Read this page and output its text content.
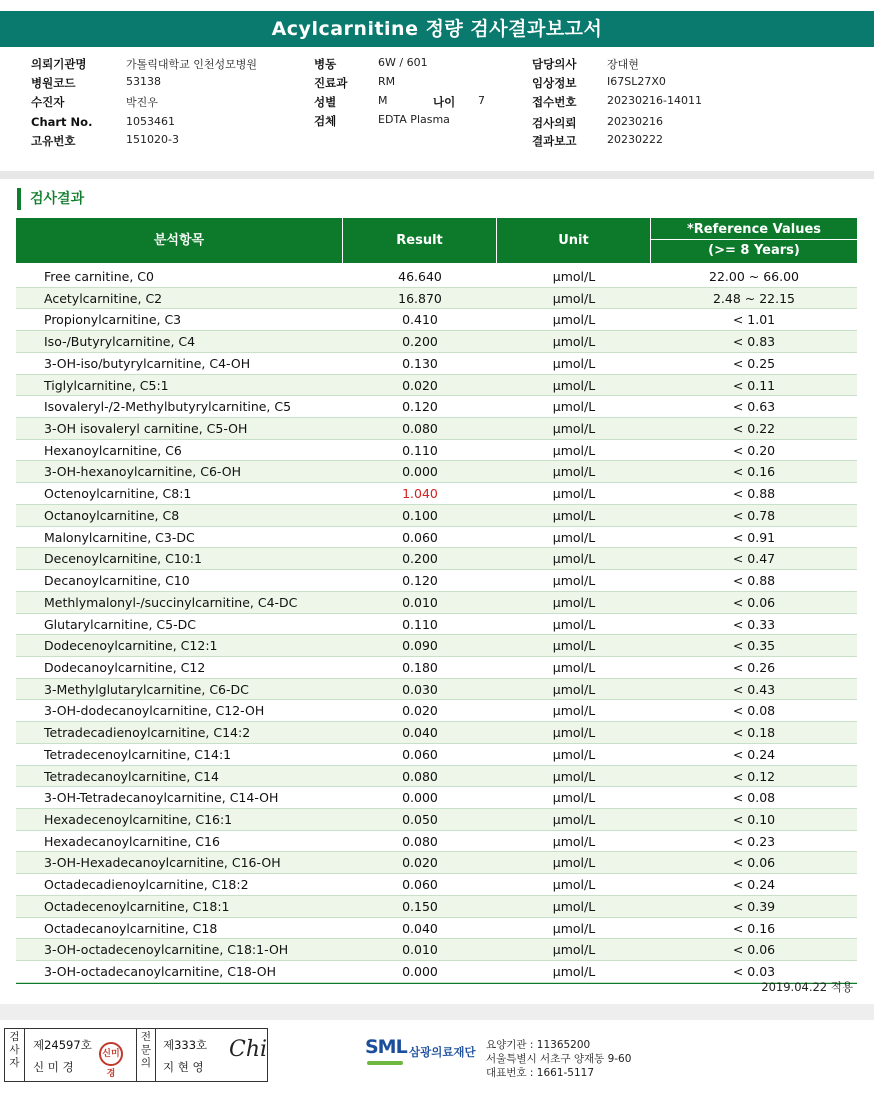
Acylcarnitine 정량 검사결과보고서
의뢰기관명	가톨릭대학교 인천성모병원
병원코드	53138
수진자	박진우
Chart No.	1053461
고유번호	151020-3
병동	6W / 601
진료과	RM
성별	M	나이 7
검체	EDTA Plasma
담당의사	장대현
임상정보	I67SL27X0
접수번호	20230216-14011
검사의뢰	20230216
결과보고	20230222
검사결과
분석항목	Result	Unit
*Reference Values
(>= 8 Years)
Free carnitine, C0	46.640	μmol/L	22.00 ~ 66.00
Acetylcarnitine, C2	16.870	μmol/L	2.48 ~ 22.15
Propionylcarnitine, C3	0.410	μmol/L	< 1.01
Iso-/Butyrylcarnitine, C4	0.200	μmol/L	< 0.83
3-OH-iso/butyrylcarnitine, C4-OH	0.130	μmol/L	< 0.25
Tiglylcarnitine, C5:1	0.020	μmol/L	< 0.11
Isovaleryl-/2-Methylbutyrylcarnitine, C5	0.120	μmol/L	< 0.63
3-OH isovaleryl carnitine, C5-OH	0.080	μmol/L	< 0.22
Hexanoylcarnitine, C6	0.110	μmol/L	< 0.20
3-OH-hexanoylcarnitine, C6-OH	0.000	μmol/L	< 0.16
Octenoylcarnitine, C8:1	1.040	μmol/L	< 0.88
Octanoylcarnitine, C8	0.100	μmol/L	< 0.78
Malonylcarnitine, C3-DC	0.060	μmol/L	< 0.91
Decenoylcarnitine, C10:1	0.200	μmol/L	< 0.47
Decanoylcarnitine, C10	0.120	μmol/L	< 0.88
Methlymalonyl-/succinylcarnitine, C4-DC	0.010	μmol/L	< 0.06
Glutarylcarnitine, C5-DC	0.110	μmol/L	< 0.33
Dodecenoylcarnitine, C12:1	0.090	μmol/L	< 0.35
Dodecanoylcarnitine, C12	0.180	μmol/L	< 0.26
3-Methylglutarylcarnitine, C6-DC	0.030	μmol/L	< 0.43
3-OH-dodecanoylcarnitine, C12-OH	0.020	μmol/L	< 0.08
Tetradecadienoylcarnitine, C14:2	0.040	μmol/L	< 0.18
Tetradecenoylcarnitine, C14:1	0.060	μmol/L	< 0.24
Tetradecanoylcarnitine, C14	0.080	μmol/L	< 0.12
3-OH-Tetradecanoylcarnitine, C14-OH	0.000	μmol/L	< 0.08
Hexadecenoylcarnitine, C16:1	0.050	μmol/L	< 0.10
Hexadecanoylcarnitine, C16	0.080	μmol/L	< 0.23
3-OH-Hexadecanoylcarnitine, C16-OH	0.020	μmol/L	< 0.06
Octadecadienoylcarnitine, C18:2	0.060	μmol/L	< 0.24
Octadecenoylcarnitine, C18:1	0.150	μmol/L	< 0.39
Octadecanoylcarnitine, C18	0.040	μmol/L	< 0.16
3-OH-octadecenoylcarnitine, C18:1-OH	0.010	μmol/L	< 0.06
3-OH-octadecanoylcarnitine, C18-OH	0.000	μmol/L	< 0.03
2019.04.22 적용
검사자
제24597호
신 미 경
신미경
전문의
제333호
지 현 영
Chi	SML 삼광의료재단 요양기관 : 11365200
서울특별시 서초구 양재동 9-60
대표번호 : 1661-5117
